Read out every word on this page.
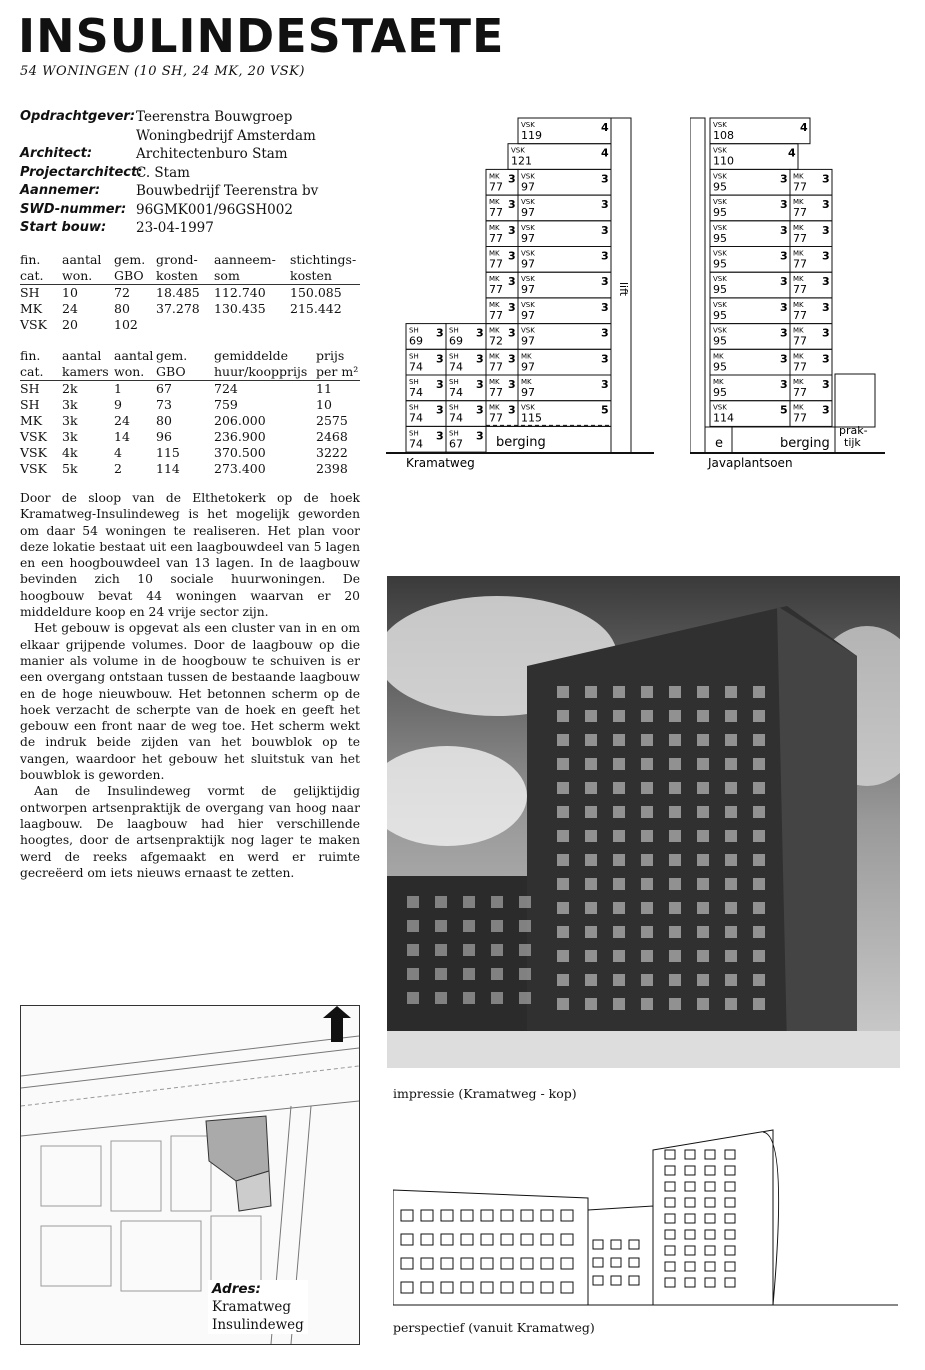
INSULINDESTAETE
54 WONINGEN (10 SH, 24 MK, 20 VSK)
Opdrachtgever: Teerenstra Bouwgroep
Woningbedrijf Amsterdam
Architect:	Architectenburo Stam
Projectarchitect:
C. Stam
Aannemer:	Bouwbedrijf Teerenstra bv
SWD-nummer: 96GMK001/96GSH002
Start bouw:	23-04-1997
fin.	aantal	gem.	grond-	aanneem-	stichtings-
cat.	won.	GBO	kosten	som	kosten
SH	10	72	18.485	112.740	150.085
MK	24	80	37.278	130.435	215.442
VSK	20	102			
fin.	aantal	aantal	gem.	gemiddelde	prijs
cat.	kamers	won.	GBO	huur/koopprijs	per m²
SH	2k	1	67	724	11
SH	3k	9	73	759	10
MK	3k	24	80	206.000	2575
VSK	3k	14	96	236.900	2468
VSK	4k	4	115	370.500	3222
VSK	5k	2	114	273.400	2398

Door de sloop van de Elthetokerk op de hoek Kramatweg-Insulindeweg is het mogelijk geworden om daar 54 woningen te realiseren. Het plan voor deze lokatie bestaat uit een laagbouwdeel van 5 lagen en een hoogbouwdeel van 13 lagen. In de laagbouw bevinden zich 10 sociale huurwoningen. De hoogbouw bevat 44 woningen waarvan er 20 middeldure koop en 24 vrije sector zijn.

Het gebouw is opgevat als een cluster van in en om elkaar grijpende volumes. Door de laagbouw op die manier als volume in de hoogbouw te schuiven is er een overgang ontstaan tussen de bestaande laagbouw en de hoge nieuwbouw. Het betonnen scherm op de hoek verzacht de scherpte van de hoek en geeft het gebouw een front naar de weg toe. Het scherm wekt de indruk beide zijden van het bouwblok op te vangen, waardoor het gebouw het sluitstuk van het bouwblok is geworden.

Aan de Insulindeweg vormt de gelijktijdig ontworpen artsenpraktijk de overgang van hoog naar laagbouw. De laagbouw had hier verschillende hoogtes, door de artsenpraktijk nog lager te maken werd de reeks afgemaakt en werd er ruimte gecreëerd om iets nieuws ernaast te zetten.

lift
VSK
119
4
VSK
121
4
MK
77
3 VSK
97
3
MK
77
3 VSK
97
3
MK
77
3 VSK
97
3
MK
77
3 VSK
97
3
MK
77
3 VSK
97
3
MK
77
3 VSK
97
3
MK
72
3 VSK
97
3
SH
69
3 SH
69
3
MK
77
3 MK
97
3
SH
74
3 SH
74
3
MK
77
3 MK
97
3
SH
74
3 SH
74
3
MK
77
3 VSK
115
5
SH
74
3 SH
74
3
SH
74
3 SH
67
3 berging
Kramatweg
VSK
108
4
VSK
110
4
VSK
95
3 MK
77
3
VSK
95
3 MK
77
3
VSK
95
3 MK
77
3
VSK
95
3 MK
77
3
VSK
95
3 MK
77
3
VSK
95
3 MK
77
3
VSK
95
3 MK
77
3
MK
95
3 MK
77
3
MK
95
3 MK
77
3
VSK
114
5 MK
77
3
prak-
tijk
e	berging
Javaplantsoen
impressie (Kramatweg - kop)
perspectief (vanuit Kramatweg)
Adres:
Kramatweg
Insulindeweg
